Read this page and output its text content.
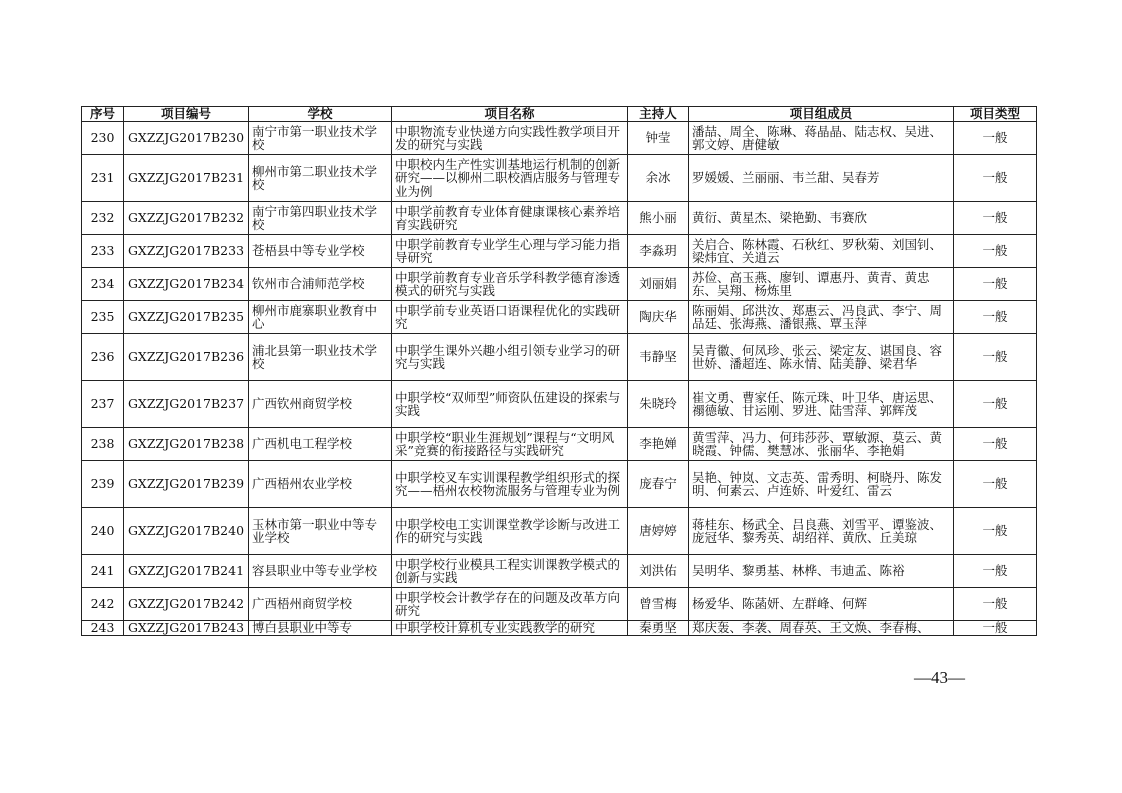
序号	项目编号	学校	项目名称	主持人	项目组成员	项目类型

230	GXZZJG2017B230	南宁市第一职业技术学校	中职物流专业快递方向实践性教学项目开发的研究与实践	钟莹	潘喆、周全、陈琳、蒋晶晶、陆志权、吴进、郭文婷、唐健敏	一般

231	GXZZJG2017B231	柳州市第二职业技术学校	中职校内生产性实训基地运行机制的创新研究——以柳州二职校酒店服务与管理专业为例	余冰	罗媛媛、兰丽丽、韦兰甜、吴春芳	一般

232	GXZZJG2017B232	南宁市第四职业技术学校	中职学前教育专业体育健康课核心素养培育实践研究	熊小丽	黄衍、黄星杰、梁艳勤、韦赛欣	一般

233	GXZZJG2017B233	苍梧县中等专业学校	中职学前教育专业学生心理与学习能力指导研究	李淼玥	关启合、陈林霞、石秋红、罗秋菊、刘国钊、梁炜宜、关逍云	一般

234	GXZZJG2017B234	钦州市合浦师范学校	中职学前教育专业音乐学科教学德育渗透模式的研究与实践	刘丽娟	苏俭、高玉燕、廖钊、谭惠丹、黄青、黄忠东、吴翔、杨炼里	一般

235	GXZZJG2017B235	柳州市鹿寨职业教育中心	中职学前专业英语口语课程优化的实践研究	陶庆华	陈丽娟、邱洪汝、郑惠云、冯良武、李宁、周品廷、张海燕、潘银燕、覃玉萍	一般

236	GXZZJG2017B236	浦北县第一职业技术学校	中职学生课外兴趣小组引领专业学习的研究与实践	韦静坚	吴青徽、何凤珍、张云、梁定友、谌国良、容世娇、潘超连、陈永情、陆美静、梁君华	一般

237	GXZZJG2017B237	广西钦州商贸学校	中职学校“双师型”师资队伍建设的探索与实践	朱晓玲	崔文勇、曹家任、陈元珠、叶卫华、唐运思、禤德敏、甘运刚、罗进、陆雪萍、郭辉茂	一般

238	GXZZJG2017B238	广西机电工程学校	中职学校“职业生涯规划”课程与“文明风采”竞赛的衔接路径与实践研究	李艳婵	黄雪萍、冯力、何玮莎莎、覃敏源、莫云、黄晓霞、钟儒、樊慧冰、张丽华、李艳娟	一般

239	GXZZJG2017B239	广西梧州农业学校	中职学校叉车实训课程教学组织形式的探究——梧州农校物流服务与管理专业为例	庞春宁	吴艳、钟岚、文志英、雷秀明、柯晓丹、陈发明、何素云、卢连娇、叶爱红、雷云	一般

240	GXZZJG2017B240	玉林市第一职业中等专业学校	中职学校电工实训课堂教学诊断与改进工作的研究与实践	唐婷婷	蒋桂东、杨武全、吕良燕、刘雪平、谭鉴波、庞冠华、黎秀英、胡绍祥、黄欣、丘美琼	一般

241	GXZZJG2017B241	容县职业中等专业学校	中职学校行业模具工程实训课教学模式的创新与实践	刘洪佑	吴明华、黎勇基、林桦、韦迪孟、陈裕	一般

242	GXZZJG2017B242	广西梧州商贸学校	中职学校会计教学存在的问题及改革方向研究	曾雪梅	杨爱华、陈菡妍、左群峰、何辉	一般

243	GXZZJG2017B243	博白县职业中等专	中职学校计算机专业实践教学的研究	秦勇坚	郑庆轰、李袭、周春英、王文焕、李春梅、	一般
—43—
